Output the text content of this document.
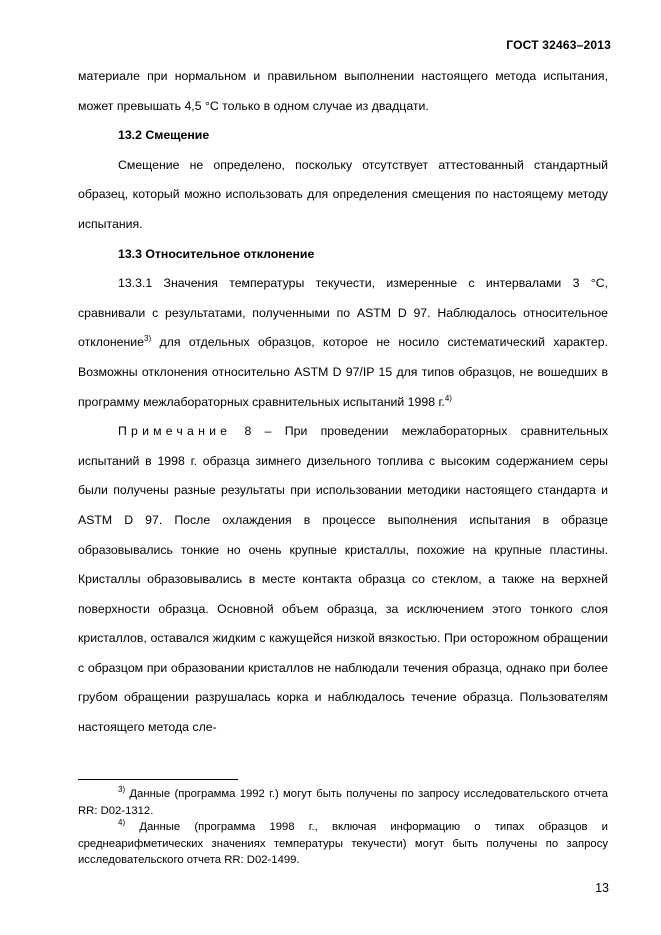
ГОСТ 32463–2013

материале при нормальном и правильном выполнении настоящего метода испытания, может превышать 4,5 °С только в одном случае из двадцати.

13.2 Смещение

Смещение не определено, поскольку отсутствует аттестованный стандартный образец, который можно использовать для определения смещения по настоящему методу испытания.

13.3 Относительное отклонение

13.3.1 Значения температуры текучести, измеренные с интервалами 3 °С, сравнивали с результатами, полученными по ASTM D 97. Наблюдалось относительное отклонение$^{3)}$ для отдельных образцов, которое не носило систематический характер. Возможны отклонения относительно ASTM D 97/IP 15 для типов образцов, не вошедших в программу межлабораторных сравнительных испытаний 1998 г.$^{4)}$

Примечание 8 – При проведении межлабораторных сравнительных испытаний в 1998 г. образца зимнего дизельного топлива с высоким содержанием серы были получены разные результаты при использовании методики настоящего стандарта и ASTM D 97. После охлаждения в процессе выполнения испытания в образце образовывались тонкие но очень крупные кристаллы, похожие на крупные пластины. Кристаллы образовывались в месте контакта образца со стеклом, а также на верхней поверхности образца. Основной объем образца, за исключением этого тонкого слоя кристаллов, оставался жидким с кажущейся низкой вязкостью. При осторожном обращении с образцом при образовании кристаллов не наблюдали течения образца, однако при более грубом обращении разрушалась корка и наблюдалось течение образца. Пользователям настоящего метода сле-

$^{3)}$ Данные (программа 1992 г.) могут быть получены по запросу исследовательского отчета RR: D02-1312.

$^{4)}$ Данные (программа 1998 г., включая информацию о типах образцов и среднеарифметических значениях температуры текучести) могут быть получены по запросу исследовательского отчета RR: D02-1499.

13
